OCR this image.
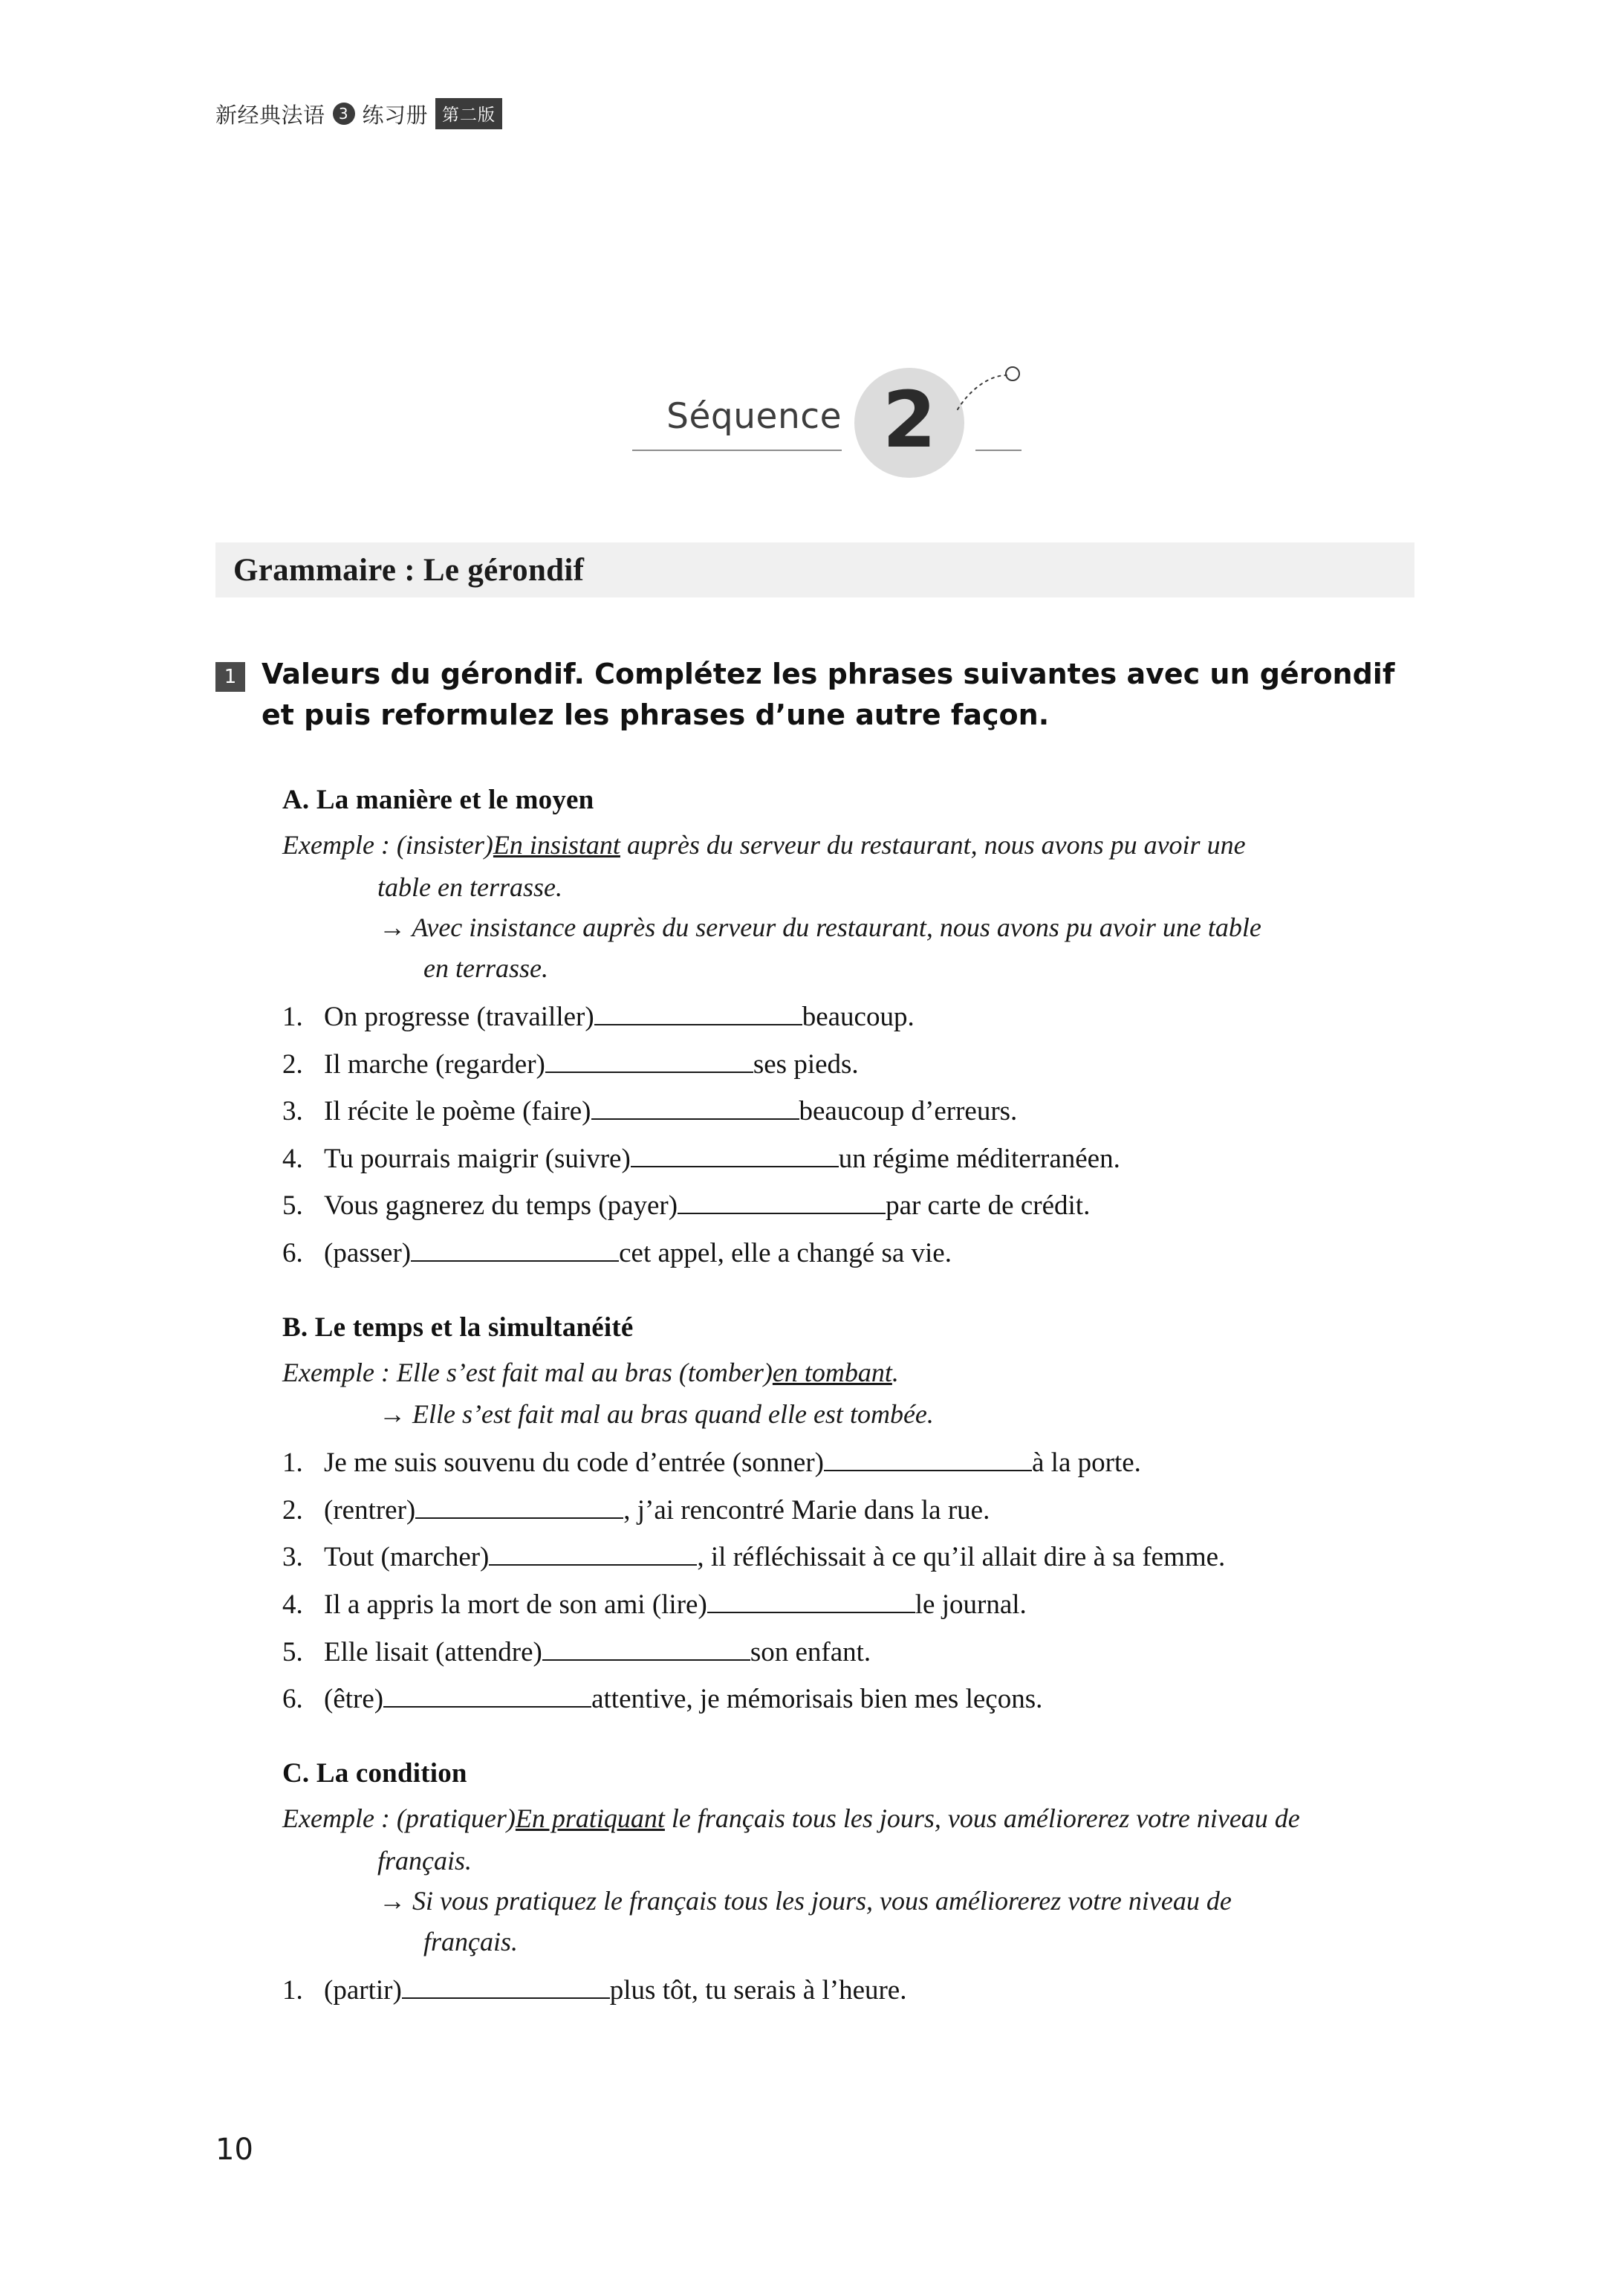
新经典法语 3 练习册 第二版
Séquence 2
Grammaire : Le gérondif
1 Valeurs du gérondif. Complétez les phrases suivantes avec un gérondif et puis reformulez les phrases d’une autre façon.
A. La manière et le moyen
Exemple : (insister)En insistant auprès du serveur du restaurant, nous avons pu avoir une
table en terrasse.
→ Avec insistance auprès du serveur du restaurant, nous avons pu avoir une table
en terrasse.
1. On progresse (travailler)	beaucoup.
2. Il marche (regarder)	ses pieds.
3. Il récite le poème (faire)	beaucoup d’erreurs.
4. Tu pourrais maigrir (suivre)	un régime méditerranéen.
5. Vous gagnerez du temps (payer)	par carte de crédit.
6. (passer)	cet appel, elle a changé sa vie.
B. Le temps et la simultanéité
Exemple : Elle s’est fait mal au bras (tomber)en tombant.
→ Elle s’est fait mal au bras quand elle est tombée.
1. Je me suis souvenu du code d’entrée (sonner)	à la porte.
2. (rentrer)	, j’ai rencontré Marie dans la rue.
3. Tout (marcher)	, il réfléchissait à ce qu’il allait dire à sa femme.
4. Il a appris la mort de son ami (lire)	le journal.
5. Elle lisait (attendre)	son enfant.
6. (être)	attentive, je mémorisais bien mes leçons.
C. La condition
Exemple : (pratiquer)En pratiquant le français tous les jours, vous améliorerez votre niveau de
français.
→ Si vous pratiquez le français tous les jours, vous améliorerez votre niveau de
français.
1. (partir)	plus tôt, tu serais à l’heure.
10
